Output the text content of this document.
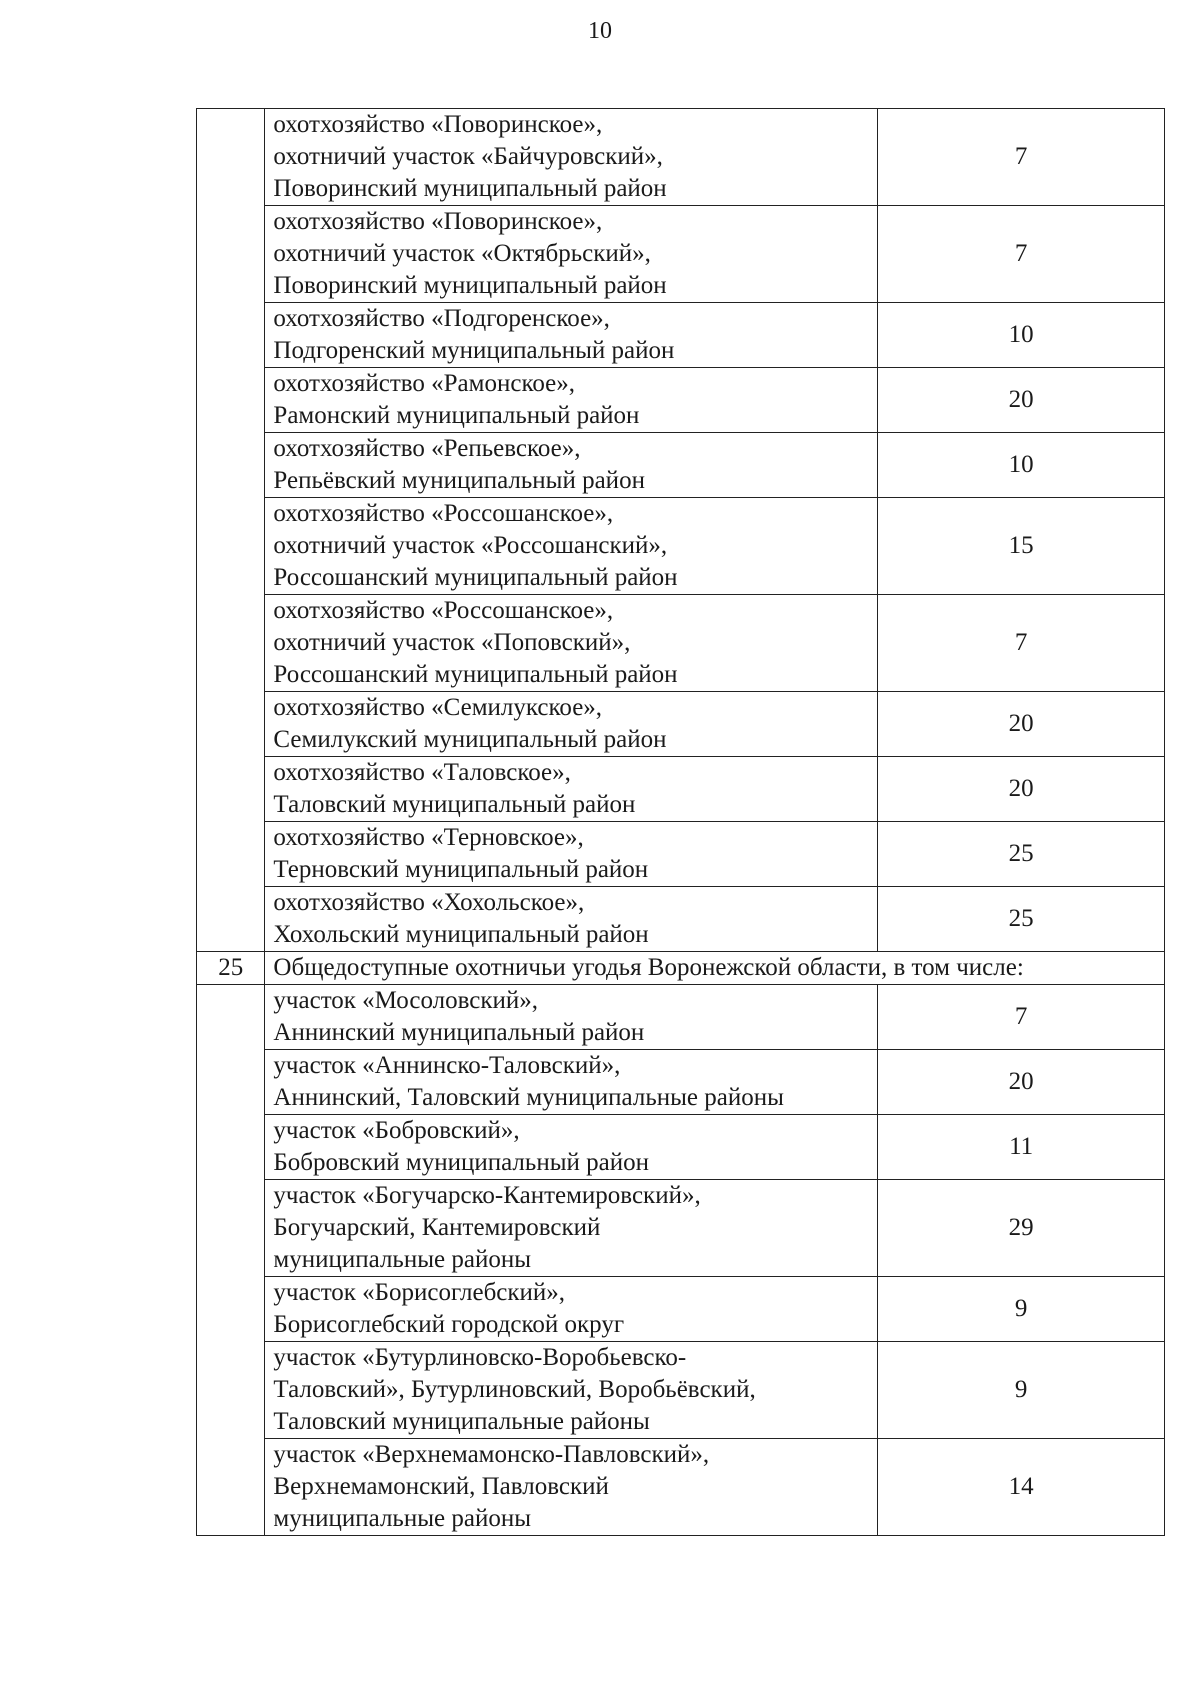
10

	охотхозяйство «Поворинское»,
охотничий участок «Байчуровский»,
Поворинский муниципальный район	7

	охотхозяйство «Поворинское»,
охотничий участок «Октябрьский»,
Поворинский муниципальный район	7

	охотхозяйство «Подгоренское»,
Подгоренский муниципальный район	10

	охотхозяйство «Рамонское»,
Рамонский муниципальный район	20

	охотхозяйство «Репьевское»,
Репьёвский муниципальный район	10

	охотхозяйство «Россошанское»,
охотничий участок «Россошанский»,
Россошанский муниципальный район	15

	охотхозяйство «Россошанское»,
охотничий участок «Поповский»,
Россошанский муниципальный район	7

	охотхозяйство «Семилукское»,
Семилукский муниципальный район	20

	охотхозяйство «Таловское»,
Таловский муниципальный район	20

	охотхозяйство «Терновское»,
Терновский муниципальный район	25

	охотхозяйство «Хохольское»,
Хохольский муниципальный район	25
25	Общедоступные охотничьи угодья Воронежской области, в том числе:	

	участок «Мосоловский»,
Аннинский муниципальный район	7

	участок «Аннинско-Таловский»,
Аннинский, Таловский муниципальные районы	20

	участок «Бобровский»,
Бобровский муниципальный район	11

	участок «Богучарско-Кантемировский»,
Богучарский, Кантемировский
муниципальные районы	29

	участок «Борисоглебский»,
Борисоглебский городской округ	9

	участок «Бутурлиновско-Воробьевско-
Таловский», Бутурлиновский, Воробьёвский,
Таловский муниципальные районы	9

	участок «Верхнемамонско-Павловский»,
Верхнемамонский, Павловский
муниципальные районы	14
